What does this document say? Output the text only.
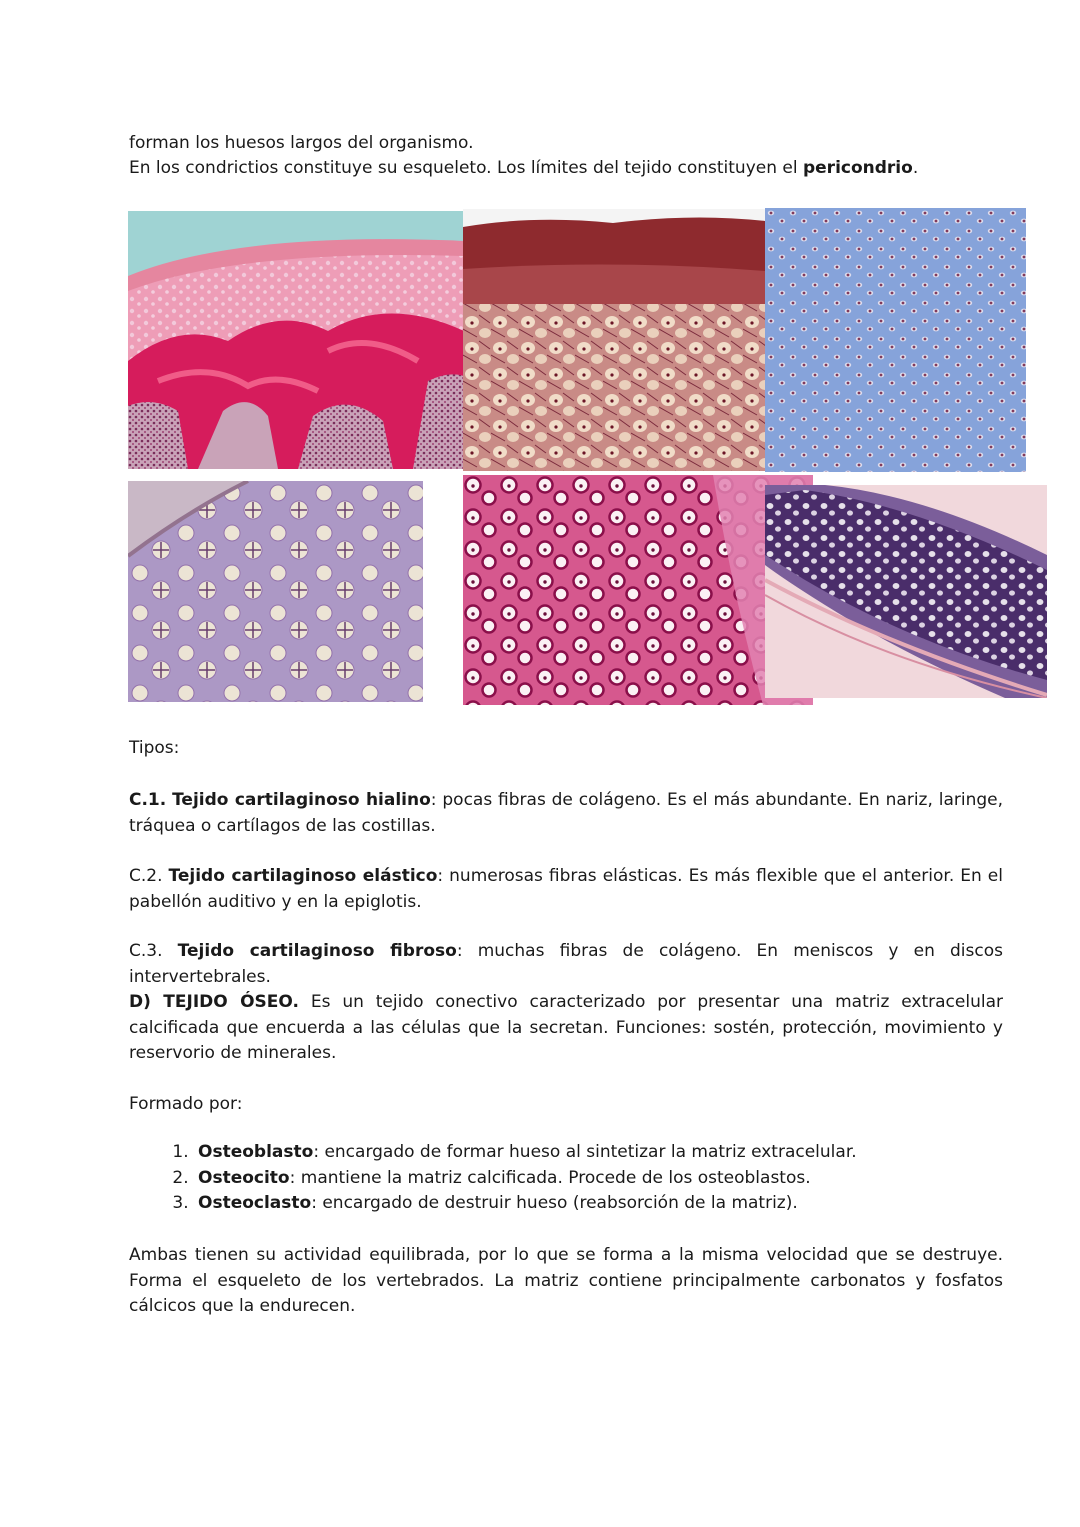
forman los huesos largos del organismo.

En los condrictios constituye su esqueleto. Los límites del tejido constituyen el pericondrio.

Tipos:

C.1. Tejido cartilaginoso hialino: pocas fibras de colágeno. Es el más abundante. En nariz, laringe, tráquea o cartílagos de las costillas.

C.2. Tejido cartilaginoso elástico: numerosas fibras elásticas. Es más flexible que el anterior. En el pabellón auditivo y en la epiglotis.

C.3. Tejido cartilaginoso fibroso: muchas fibras de colágeno. En meniscos y en discos intervertebrales.

D) TEJIDO ÓSEO. Es un tejido conectivo caracterizado por presentar una matriz extracelular calcificada que encuerda a las células que la secretan. Funciones: sostén, protección, movimiento y reservorio de minerales.

Formado por:

1. Osteoblasto: encargado de formar hueso al sintetizar la matriz extracelular.
2. Osteocito: mantiene la matriz calcificada. Procede de los osteoblastos.
3. Osteoclasto: encargado de destruir hueso (reabsorción de la matriz).

Ambas tienen su actividad equilibrada, por lo que se forma a la misma velocidad que se destruye. Forma el esqueleto de los vertebrados. La matriz contiene principalmente carbonatos y fosfatos cálcicos que la endurecen.
